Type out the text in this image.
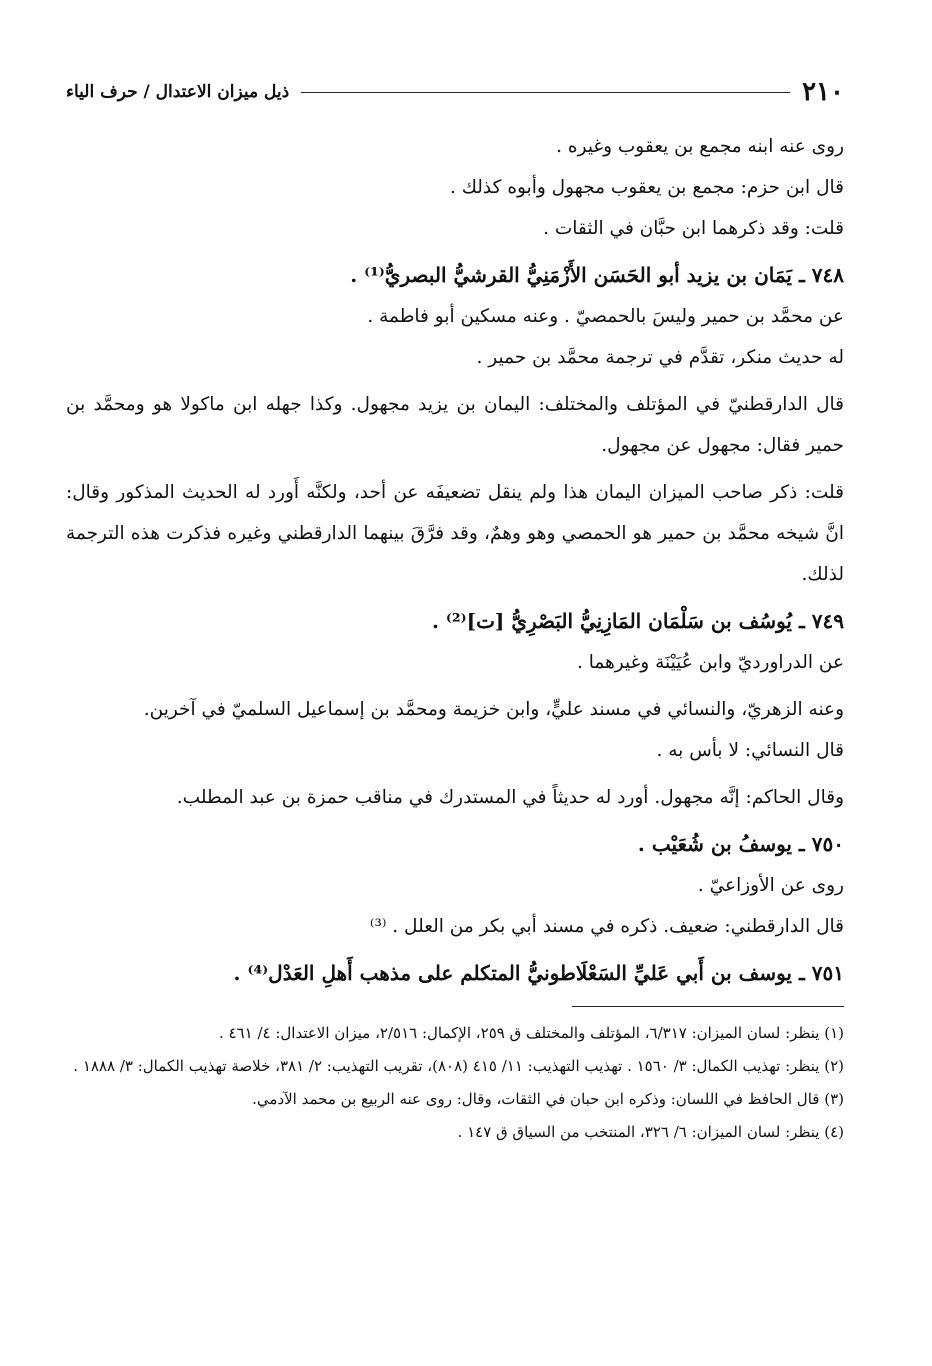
٢١٠
ذيل ميزان الاعتدال / حرف الياء

روى عنه ابنه مجمع بن يعقوب وغيره .

قال ابن حزم: مجمع بن يعقوب مجهول وأبوه كذلك .

قلت: وقد ذكرهما ابن حبَّان في الثقات .

٧٤٨ ـ يَمَان بن يزيد أبو الحَسَن الأَزْمَنِيُّ القرشيُّ البصريُّ⁽¹⁾ .

عن محمَّد بن حمير وليسَ بالحمصيّ . وعنه مسكين أبو فاطمة .

له حديث منكر، تقدَّم في ترجمة محمَّد بن حمير .

قال الدارقطنيّ في المؤتلف والمختلف: اليمان بن يزيد مجهول. وكذا جهله ابن ماكولا هو ومحمَّد بن حمير فقال: مجهول عن مجهول.

قلت: ذكر صاحب الميزان اليمان هذا ولم ينقل تضعيفَه عن أحد، ولكنَّه أَورد له الحديث المذكور وقال: انَّ شيخه محمَّد بن حمير هو الحمصي وهو وهمٌ، وقد فرَّقَ بينهما الدارقطني وغيره فذكرت هذه الترجمة لذلك.

٧٤٩ ـ يُوسُف بن سَلْمَان المَازِنِيُّ البَصْرِيُّ [ت]⁽²⁾ .

عن الدراورديّ وابن عُيَيْنَة وغيرهما .

وعنه الزهريّ، والنسائي في مسند عليٍّ، وابن خزيمة ومحمَّد بن إسماعيل السلميّ في آخرين.

قال النسائي: لا بأس به .

وقال الحاكم: إنَّه مجهول. أورد له حديثاً في المستدرك في مناقب حمزة بن عبد المطلب.

٧٥٠ ـ يوسفُ بن شُعَيْب .

روى عن الأوزاعيّ .

قال الدارقطني: ضعيف. ذكره في مسند أبي بكر من العلل . ⁽³⁾

٧٥١ ـ يوسف بن أَبي عَليِّ السَعْلَاطونيُّ المتكلم على مذهب أَهلِ العَدْل⁽⁴⁾ .

(١) ينظر: لسان الميزان: ٦/٣١٧، المؤتلف والمختلف ق ٢٥٩، الإكمال: ٢/٥١٦، ميزان الاعتدال: ٤/ ٤٦١ .

(٢) ينظر: تهذيب الكمال: ٣/ ١٥٦٠ . تهذيب التهذيب: ١١/ ٤١٥ (٨٠٨)، تقريب التهذيب: ٢/ ٣٨١، خلاصة تهذيب الكمال: ٣/ ١٨٨٨ .

(٣) قال الحافظ في اللسان: وذكره ابن حبان في الثقات، وقال: روى عنه الربيع بن محمد الآدمي.

(٤) ينظر: لسان الميزان: ٦/ ٣٢٦، المنتخب من السياق ق ١٤٧ .
